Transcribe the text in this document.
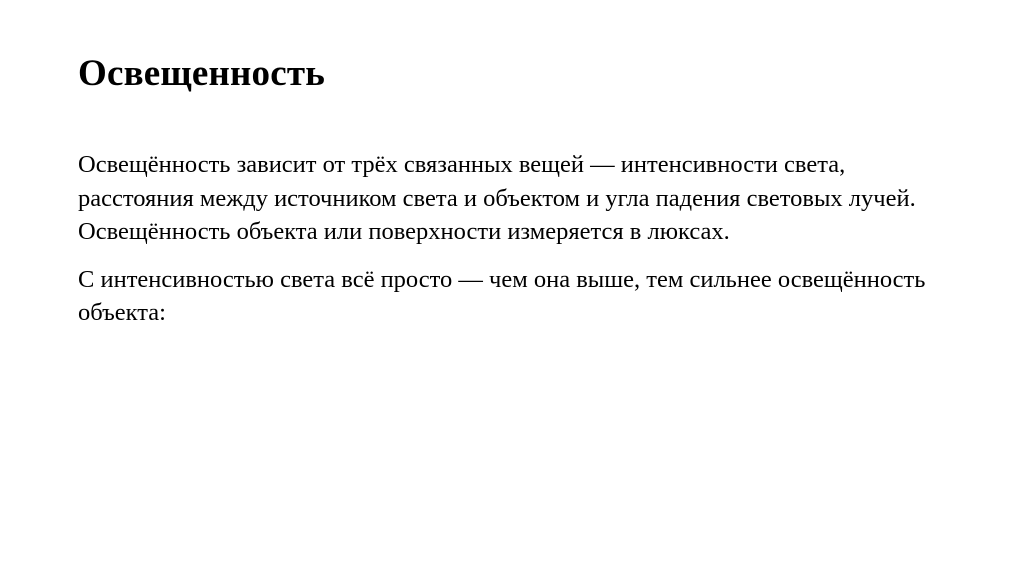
Освещенность

Освещённость зависит от трёх связанных вещей — интенсивности света, расстояния между источником света и объектом и угла падения световых лучей. Освещённость объекта или поверхности измеряется в люксах.

С интенсивностью света всё просто — чем она выше, тем сильнее освещённость объекта:
